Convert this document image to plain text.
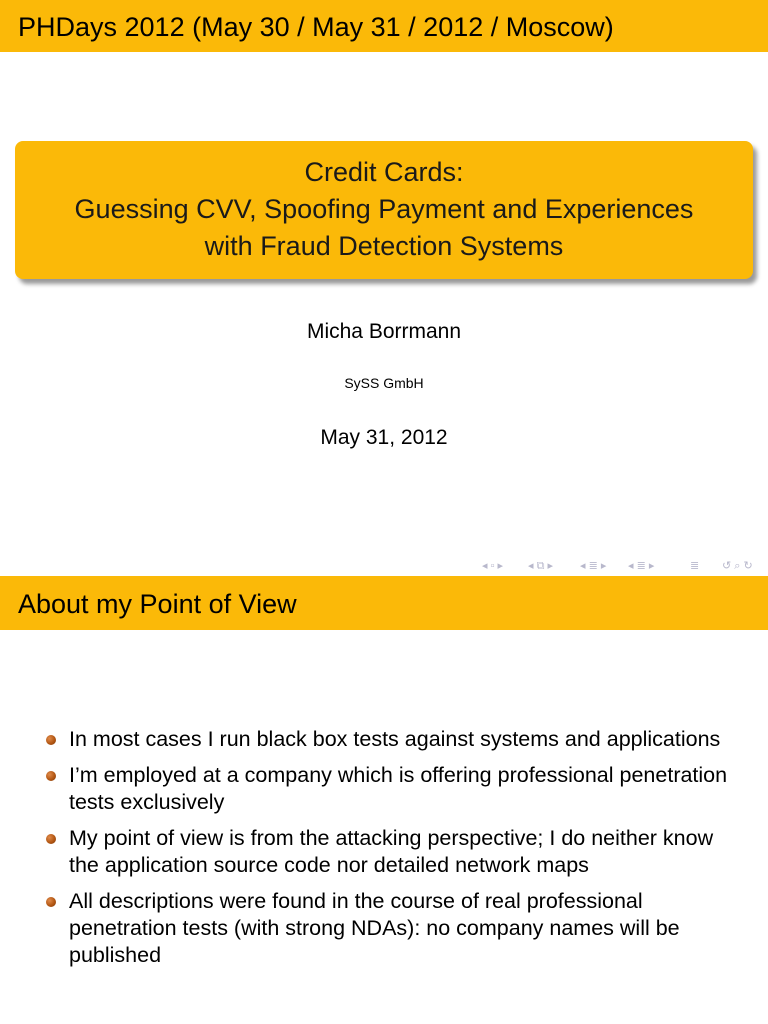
PHDays 2012 (May 30 / May 31 / 2012 / Moscow)
Credit Cards:
Guessing CVV, Spoofing Payment and Experiences
with Fraud Detection Systems
Micha Borrmann
SySS GmbH
May 31, 2012
◂ ▫ ▸ ◂ ⧉ ▸ ◂ ≣ ▸ ◂ ≣ ▸	≣ ↺ ⌕ ↻
About my Point of View
In most cases I run black box tests against systems and applications
I’m employed at a company which is offering professional penetration tests exclusively
My point of view is from the attacking perspective; I do neither know the application source code nor detailed network maps
All descriptions were found in the course of real professional penetration tests (with strong NDAs): no company names will be published
